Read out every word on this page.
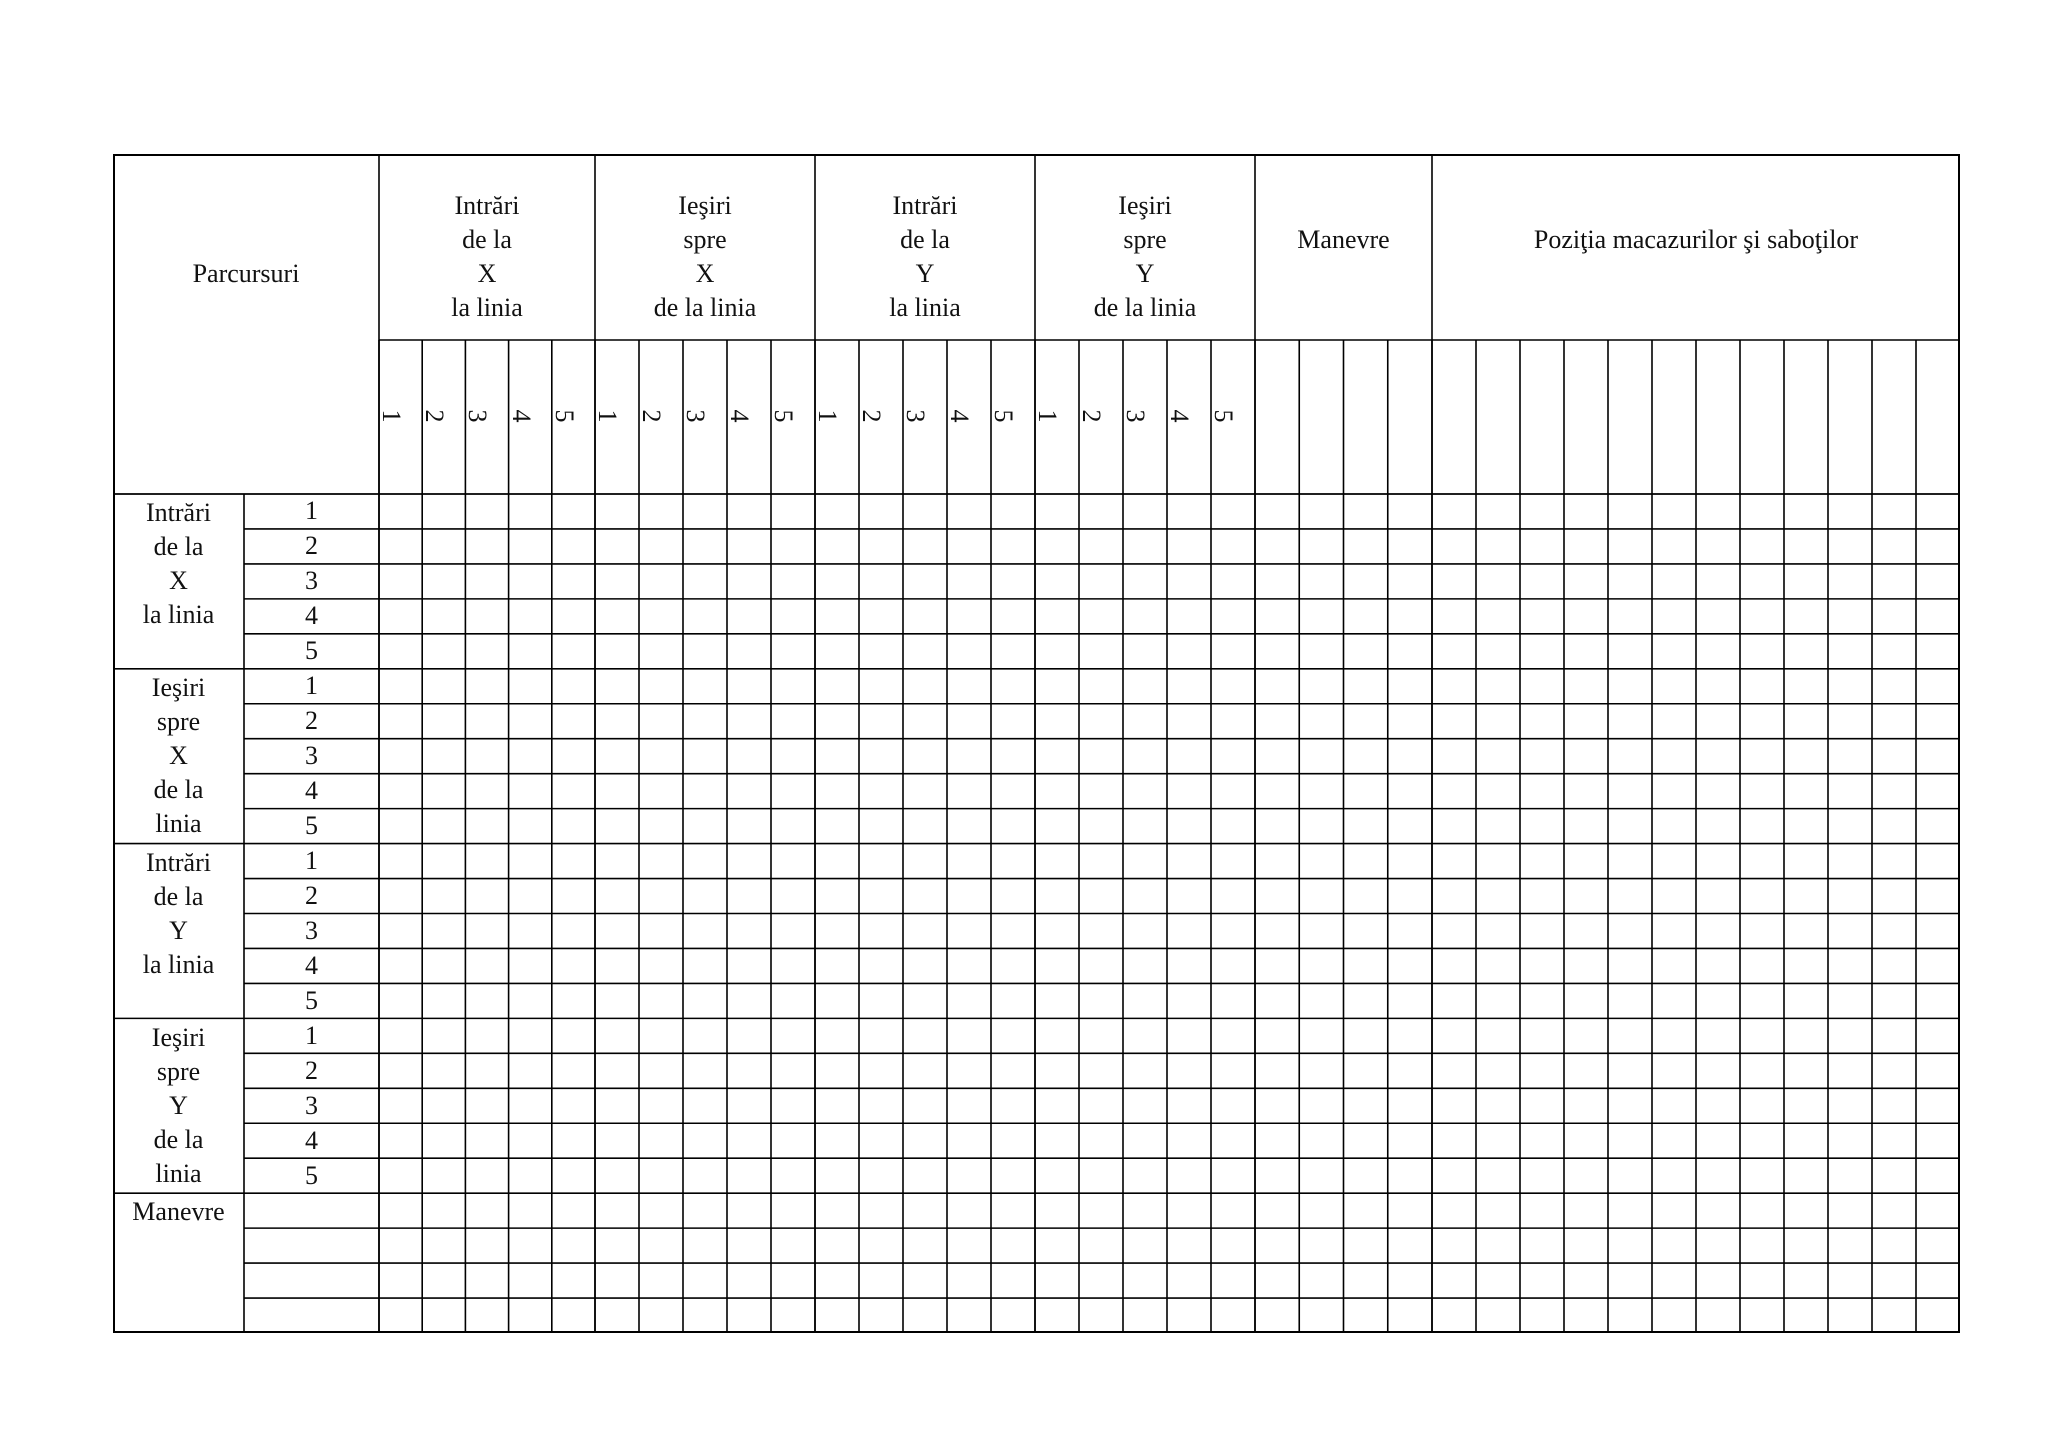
Intrări
de la
X
la linia
1
2
3
4
5
Ieşiri
spre
X
de la
linia
1
2
3
4
5
Intrări
de la
Y
la linia
1
2
3
4
5
Ieşiri
spre
Y
de la
linia
1
2
3
4
5
Manevre
Parcursuri
Intrări
de la
X
la linia
Ieşiri
spre
X
de la linia
Intrări
de la
Y
la linia
Ieşiri
spre
Y
de la linia
Manevre	Poziţia macazurilor şi saboţilor
1 2 3 4 5 1 2 3 4 5 1 2 3 4 5 1 2 3 4 5
